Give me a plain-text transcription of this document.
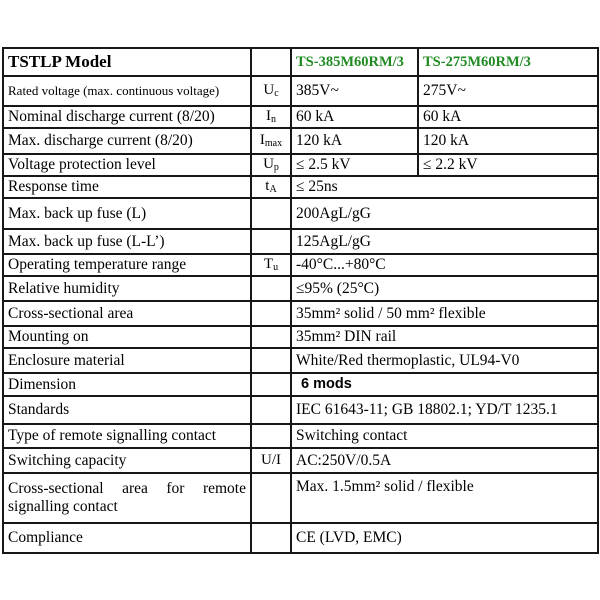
TSTLP Model		TS-385M60RM/3	TS-275M60RM/3
Rated voltage (max. continuous voltage)	$U_c$	385V~	275V~
Nominal discharge current (8/20)	$I_n$	60 kA	60 kA
Max. discharge current (8/20)	$I_{max}$	120 kA	120 kA
Voltage protection level	$U_p$	≤ 2.5 kV	≤ 2.2 kV
Response time	$t_A$	≤ 25ns	
Max. back up fuse (L)		200AgL/gG	
Max. back up fuse (L-L’)		125AgL/gG	
Operating temperature range	$T_u$	-40°C...+80°C	
Relative humidity		≤95% (25°C)	
Cross-sectional area		35mm² solid / 50 mm² flexible	
Mounting on		35mm² DIN rail	
Enclosure material		White/Red thermoplastic, UL94-V0	
Dimension		6 mods	
Standards		IEC 61643-11; GB 18802.1; YD/T 1235.1	
Type of remote signalling contact		Switching contact	
Switching capacity	U/I	AC:250V/0.5A	
Cross-sectional area for remote signalling contact		Max. 1.5mm² solid / flexible	
Compliance		CE (LVD, EMC)	
